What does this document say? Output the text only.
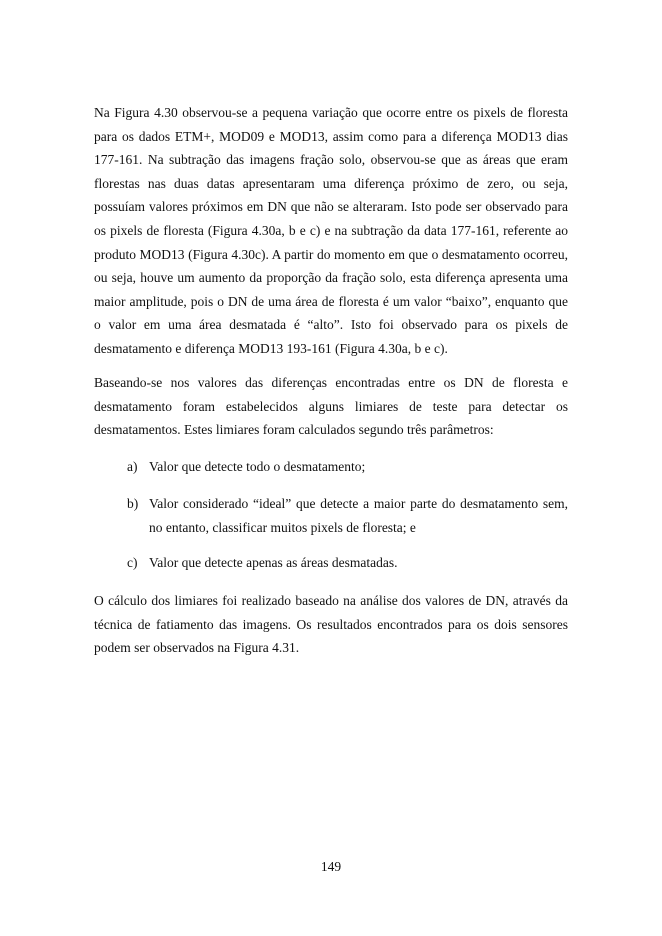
Na Figura 4.30 observou-se a pequena variação que ocorre entre os pixels de floresta para os dados ETM+, MOD09 e MOD13, assim como para a diferença MOD13 dias 177-161. Na subtração das imagens fração solo, observou-se que as áreas que eram florestas nas duas datas apresentaram uma diferença próximo de zero, ou seja, possuíam valores próximos em DN que não se alteraram. Isto pode ser observado para os pixels de floresta (Figura 4.30a, b e c) e na subtração da data 177-161, referente ao produto MOD13 (Figura 4.30c). A partir do momento em que o desmatamento ocorreu, ou seja, houve um aumento da proporção da fração solo, esta diferença apresenta uma maior amplitude, pois o DN de uma área de floresta é um valor “baixo”, enquanto que o valor em uma área desmatada é “alto”. Isto foi observado para os pixels de desmatamento e diferença MOD13 193-161 (Figura 4.30a, b e c).

Baseando-se nos valores das diferenças encontradas entre os DN de floresta e desmatamento foram estabelecidos alguns limiares de teste para detectar os desmatamentos. Estes limiares foram calculados segundo três parâmetros:

a) Valor que detecte todo o desmatamento;
b) Valor considerado “ideal” que detecte a maior parte do desmatamento sem, no entanto, classificar muitos pixels de floresta; e
c) Valor que detecte apenas as áreas desmatadas.

O cálculo dos limiares foi realizado baseado na análise dos valores de DN, através da técnica de fatiamento das imagens. Os resultados encontrados para os dois sensores podem ser observados na Figura 4.31.

149
